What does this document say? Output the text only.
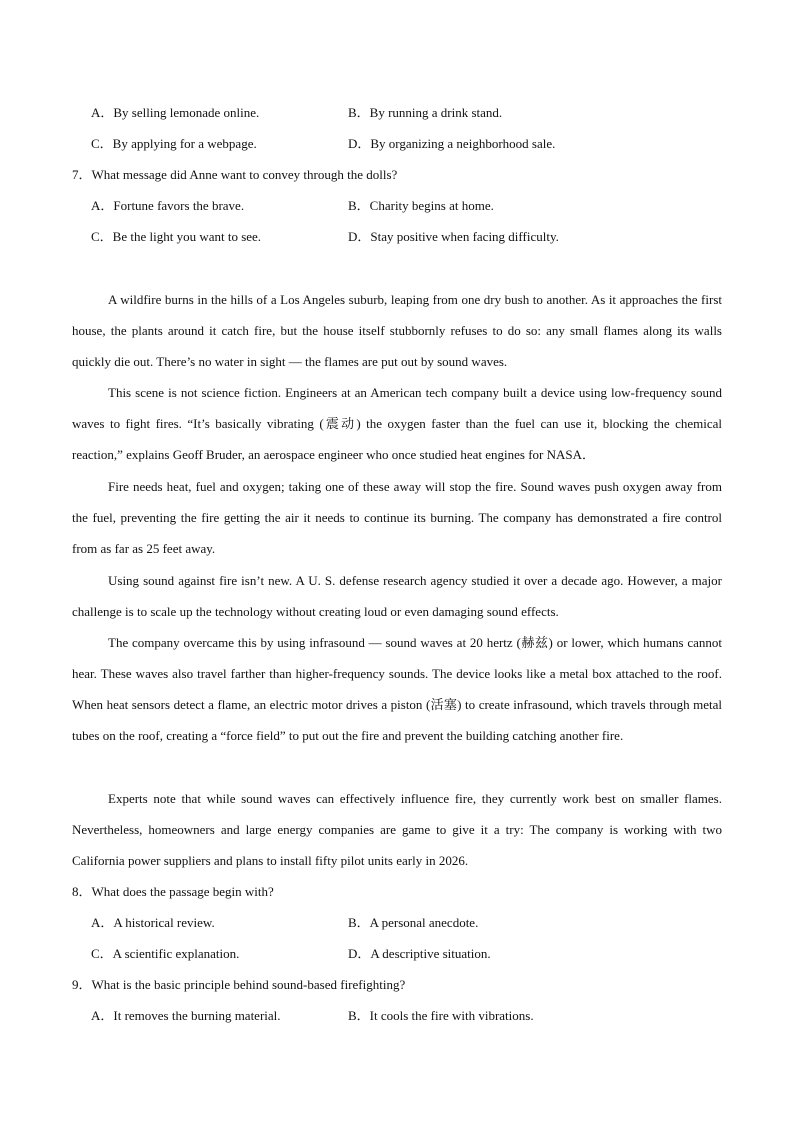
A．By selling lemonade online.	B．By running a drink stand.
C．By applying for a webpage.	D．By organizing a neighborhood sale.
7．What message did Anne want to convey through the dolls?
A．Fortune favors the brave.	B．Charity begins at home.
C．Be the light you want to see.	D．Stay positive when facing difficulty.
A wildfire burns in the hills of a Los Angeles suburb, leaping from one dry bush to another. As it approaches the first house, the plants around it catch fire, but the house itself stubbornly refuses to do so: any small flames along its walls quickly die out. There’s no water in sight — the flames are put out by sound waves.
This scene is not science fiction. Engineers at an American tech company built a device using low-frequency sound waves to fight fires. “It’s basically vibrating (震动) the oxygen faster than the fuel can use it, blocking the chemical reaction,” explains Geoff Bruder, an aerospace engineer who once studied heat engines for NASA．
Fire needs heat, fuel and oxygen; taking one of these away will stop the fire. Sound waves push oxygen away from the fuel, preventing the fire getting the air it needs to continue its burning. The company has demonstrated a fire control from as far as 25 feet away.
Using sound against fire isn’t new. A U. S. defense research agency studied it over a decade ago. However, a major challenge is to scale up the technology without creating loud or even damaging sound effects.
The company overcame this by using infrasound — sound waves at 20 hertz (赫兹) or lower, which humans cannot hear. These waves also travel farther than higher-frequency sounds. The device looks like a metal box attached to the roof. When heat sensors detect a flame, an electric motor drives a piston (活塞) to create infrasound, which travels through metal tubes on the roof, creating a “force field” to put out the fire and prevent the building catching another fire.
Experts note that while sound waves can effectively influence fire, they currently work best on smaller flames. Nevertheless, homeowners and large energy companies are game to give it a try: The company is working with two California power suppliers and plans to install fifty pilot units early in 2026.
8．What does the passage begin with?
A．A historical review.	B．A personal anecdote.
C．A scientific explanation.	D．A descriptive situation.
9．What is the basic principle behind sound-based firefighting?
A．It removes the burning material.	B．It cools the fire with vibrations.
